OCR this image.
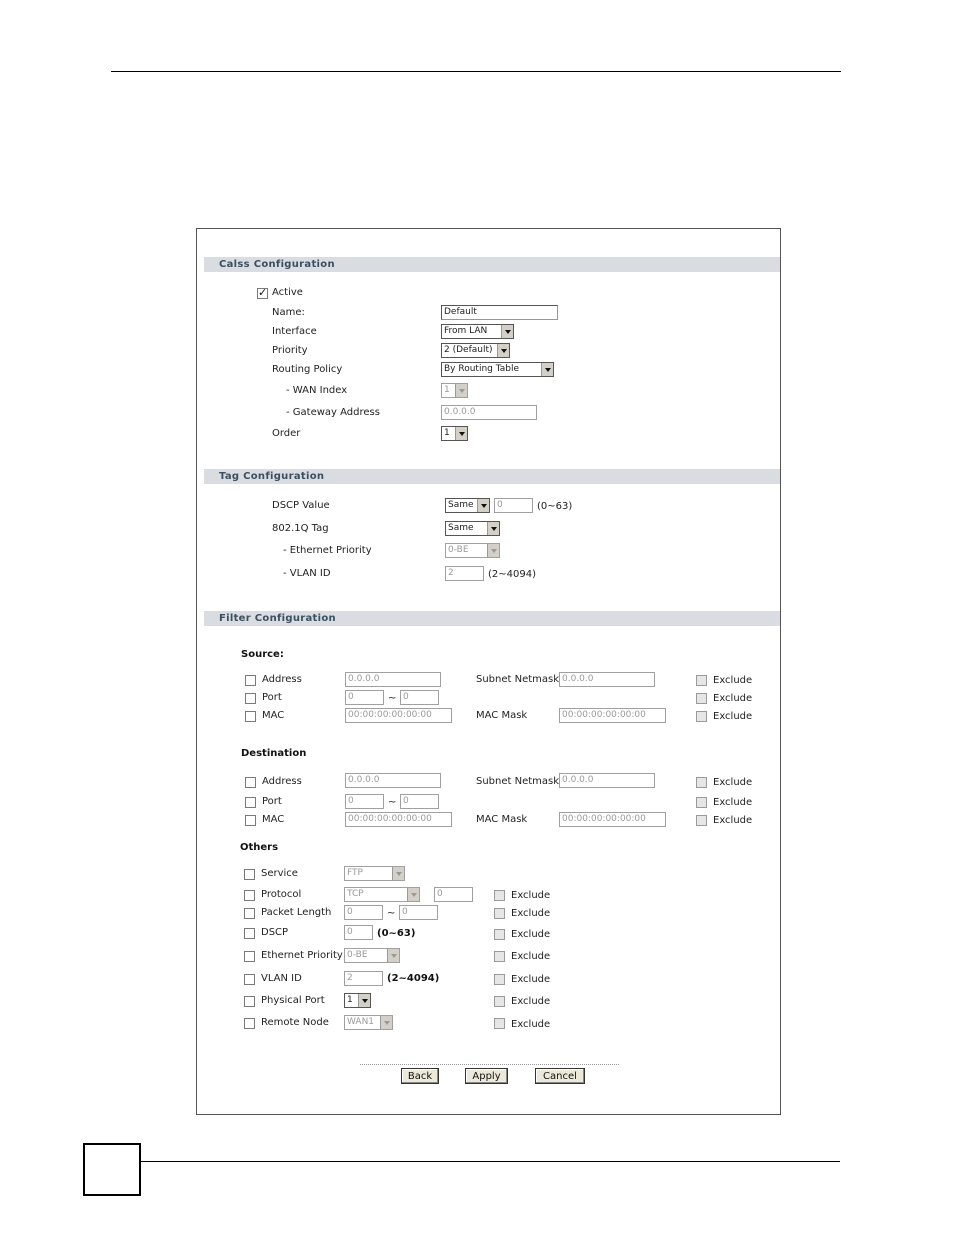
Calss Configuration
✓
Active
Name:	Default
Interface	From LAN
Priority	2 (Default)
Routing Policy	By Routing Table
- WAN Index	1
- Gateway Address	0.0.0.0
Order	1
Tag Configuration
DSCP Value	Same	0	(0~63)
802.1Q Tag	Same
- Ethernet Priority	0-BE
- VLAN ID	2	(2~4094)
Filter Configuration
Source:
Address	0.0.0.0	Subnet Netmask 0.0.0.0	Exclude
Port	0	~ 0	Exclude
MAC	00:00:00:00:00:00	MAC Mask	00:00:00:00:00:00	Exclude
Destination
Address	0.0.0.0	Subnet Netmask 0.0.0.0	Exclude
Port	0	~ 0	Exclude
MAC	00:00:00:00:00:00	MAC Mask	00:00:00:00:00:00	Exclude
Others
Service	FTP
Protocol	TCP	0	Exclude
Packet Length	0	~ 0	Exclude
DSCP	0	(0~63)	Exclude
Ethernet Priority 0-BE	Exclude
VLAN ID	2	(2~4094)	Exclude
Physical Port	1	Exclude
Remote Node	WAN1	Exclude
Back	Apply	Cancel
